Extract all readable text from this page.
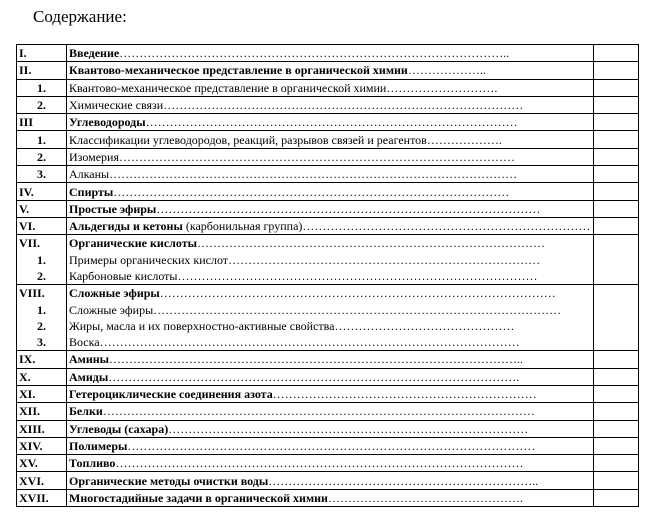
Содержание:
I.	Введение……………………………………………………………………………………..	
II.	Квантово-механическое представление в органической химии………………..	
1.	Квантово-механическое представление в органической химии……………………….	
2.	Химические связи………………………………………………………………………………	
III	Углеводороды…………………………………………………………………………………	
1.	Классификации углеводородов, реакций, разрывов связей и реагентов……………….	
2.	Изомерия………………………………………………………………………………………	
3.	Алканы…………………………………………………………………………………………	
IV.	Спирты………………………………………………………………………………………	
V.	Простые эфиры……………………………………………………………………………………	
VI.	Альдегиды и кетоны (карбонильная группа)………………………………………………………………	
VII.	Органические кислоты……………………………………………………………………………	
1.	Примеры органических кислот……………………………………………………………………	
2.	Карбоновые кислоты………………………………………………………………………………	
VIII.	Сложные эфиры………………………………………………………………………………………	
1.	Сложные эфиры…………………………………………………………………………………………	
2.	Жиры, масла и их поверхностно-активные свойства………………………………………	
3.	Воска……………………………………………………………………………………………	
IX.	Амины…………………………………………………………………………………………..	
X.	Амиды………………………………………………………………………………………….	
XI.	Гетероциклические соединения азота…………………………………………………………	
XII.	Белки………………………………………………………………………………………………	
XIII.	Углеводы (сахара)………………………………………………………………………………	
XIV.	Полимеры…………………………………………………………………………………………	
XV.	Топливо…………………………………………………………………………………………	
XVI.	Органические методы очистки воды…………………………………………………………..	
XVII.	Многостадийные задачи в органической химии………………………………………….	
